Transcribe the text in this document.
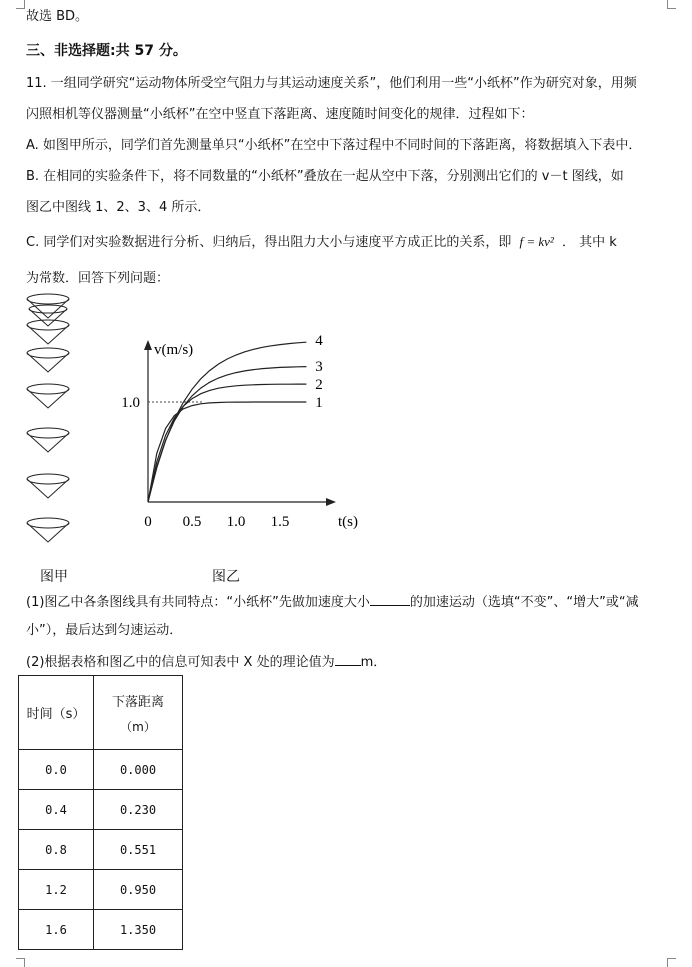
故选 BD。
三、非选择题:共 57 分。
11. 一组同学研究“运动物体所受空气阻力与其运动速度关系”，他们利用一些“小纸杯”作为研究对象，用频
闪照相机等仪器测量“小纸杯”在空中竖直下落距离、速度随时间变化的规律．过程如下：
A. 如图甲所示，同学们首先测量单只“小纸杯”在空中下落过程中不同时间的下落距离，将数据填入下表中．
B. 在相同的实验条件下，将不同数量的“小纸杯”叠放在一起从空中下落，分别测出它们的 v－t 图线，如
图乙中图线 1、2、3、4 所示．
C. 同学们对实验数据进行分析、归纳后，得出阻力大小与速度平方成正比的关系，即 f = kv² ． 其中 k
为常数．回答下列问题：
v(m/s)
t(s)
0 0.5 1.0 1.5
1.0	1
2
3
4
图甲	图乙
(1)图乙中各条图线具有共同特点：“小纸杯”先做加速度大小	的加速运动（选填“不变”、“增大”或“减
小”），最后达到匀速运动．
(2)根据表格和图乙中的信息可知表中 X 处的理论值为 m．
时间（s）	下落距离
（m）

0.0	0.000
0.4	0.230
0.8	0.551
1.2	0.950
1.6	1.350
